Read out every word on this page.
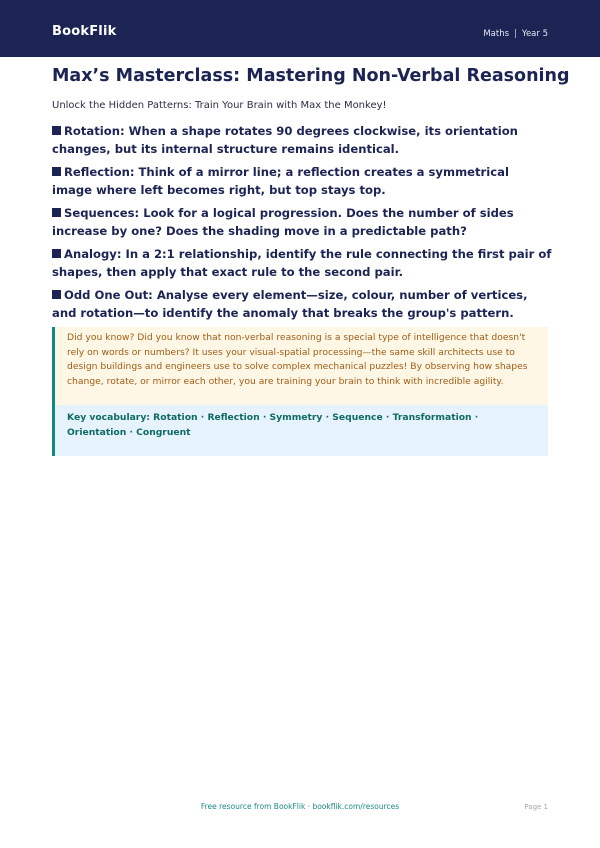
BookFlik	Maths | Year 5
Max’s Masterclass: Mastering Non-Verbal Reasoning
Unlock the Hidden Patterns: Train Your Brain with Max the Monkey!
Rotation: When a shape rotates 90 degrees clockwise, its orientation changes, but its internal structure remains identical.
Reflection: Think of a mirror line; a reflection creates a symmetrical image where left becomes right, but top stays top.
Sequences: Look for a logical progression. Does the number of sides increase by one? Does the shading move in a predictable path?
Analogy: In a 2:1 relationship, identify the rule connecting the first pair of shapes, then apply that exact rule to the second pair.
Odd One Out: Analyse every element—size, colour, number of vertices, and rotation—to identify the anomaly that breaks the group's pattern.
Did you know? Did you know that non-verbal reasoning is a special type of intelligence that doesn't rely on words or numbers? It uses your visual-spatial processing—the same skill architects use to design buildings and engineers use to solve complex mechanical puzzles! By observing how shapes change, rotate, or mirror each other, you are training your brain to think with incredible agility.
Key vocabulary: Rotation · Reflection · Symmetry · Sequence · Transformation · Orientation · Congruent
Free resource from BookFlik · bookflik.com/resources	Page 1
